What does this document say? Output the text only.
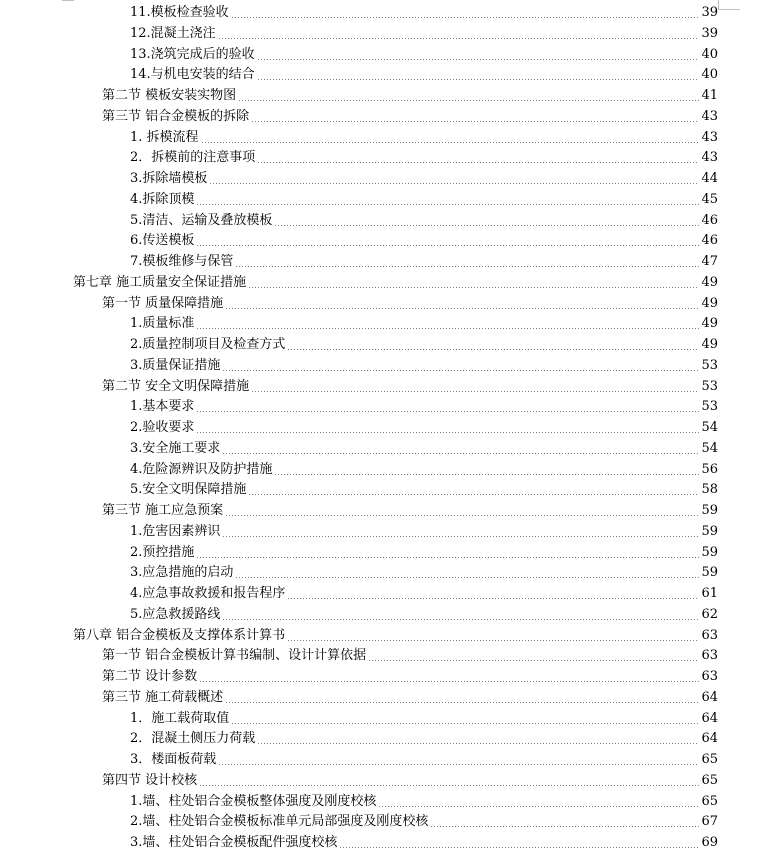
11.模板检查验收	39
12.混凝土浇注	39
13.浇筑完成后的验收	40
14.与机电安装的结合	40
第二节 模板安装实物图	41
第三节 铝合金模板的拆除	43
1. 拆模流程	43
2．拆模前的注意事项	43
3.拆除墙模板	44
4.拆除顶模	45
5.清洁、运输及叠放模板	46
6.传送模板	46
7.模板维修与保管	47
第七章 施工质量安全保证措施	49
第一节 质量保障措施	49
1.质量标准	49
2.质量控制项目及检查方式	49
3.质量保证措施	53
第二节 安全文明保障措施	53
1.基本要求	53
2.验收要求	54
3.安全施工要求	54
4.危险源辨识及防护措施	56
5.安全文明保障措施	58
第三节 施工应急预案	59
1.危害因素辨识	59
2.预控措施	59
3.应急措施的启动	59
4.应急事故救援和报告程序	61
5.应急救援路线	62
第八章 铝合金模板及支撑体系计算书	63
第一节 铝合金模板计算书编制、设计计算依据	63
第二节 设计参数	63
第三节 施工荷载概述	64
1．施工载荷取值	64
2．混凝土侧压力荷载	64
3．楼面板荷载	65
第四节 设计校核	65
1.墙、柱处铝合金模板整体强度及刚度校核	65
2.墙、柱处铝合金模板标准单元局部强度及刚度校核	67
3.墙、柱处铝合金模板配件强度校核	69
